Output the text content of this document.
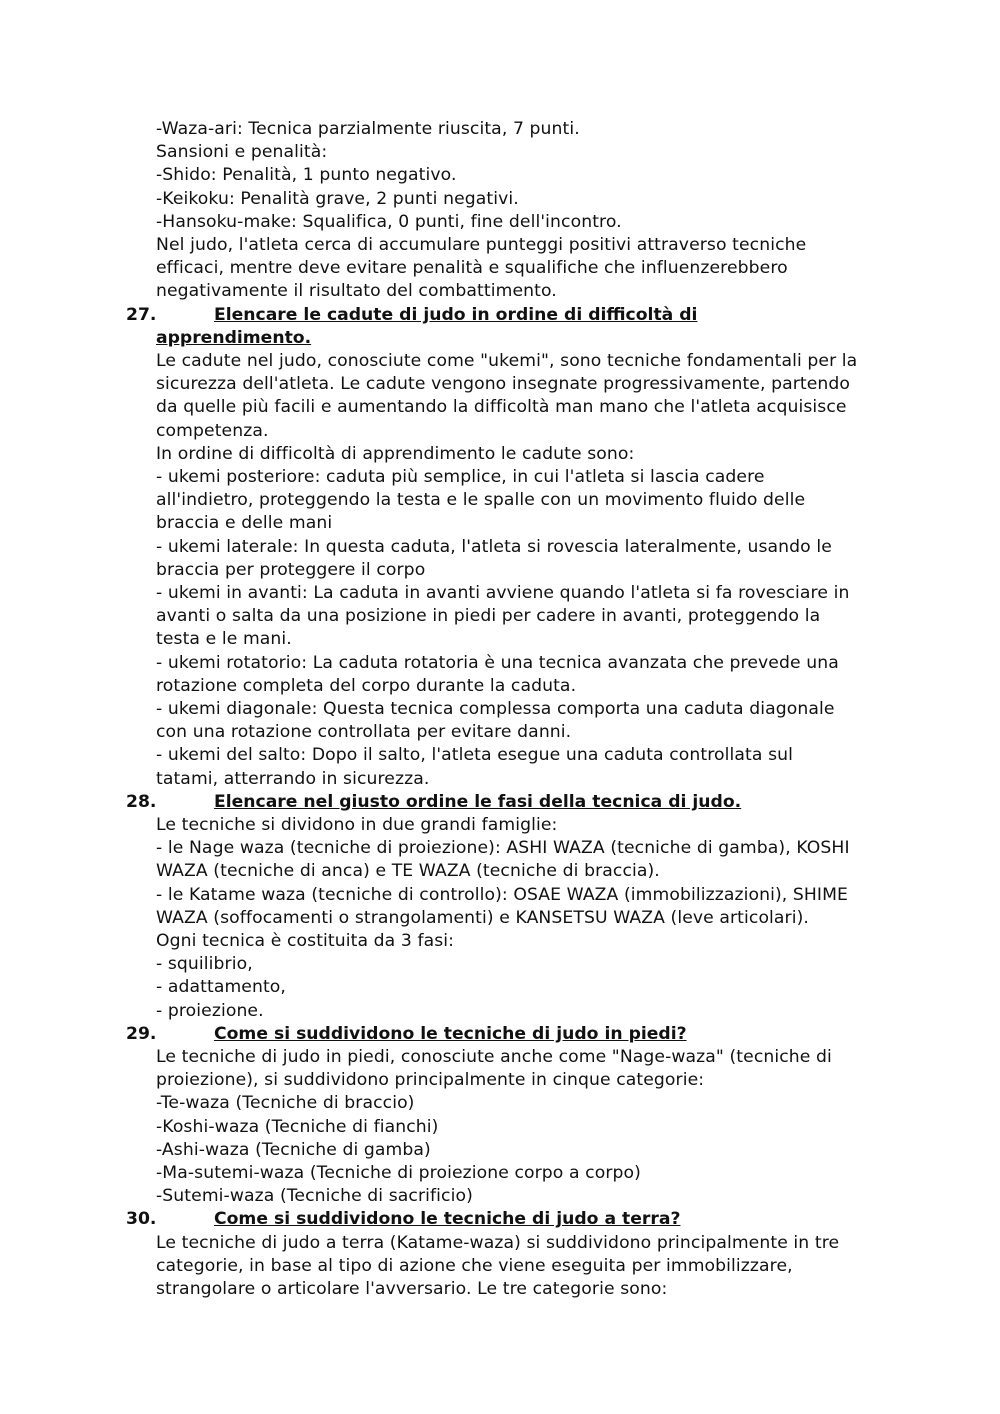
-Waza-ari: Tecnica parzialmente riuscita, 7 punti.
Sansioni e penalità:
-Shido: Penalità, 1 punto negativo.
-Keikoku: Penalità grave, 2 punti negativi.
-Hansoku-make: Squalifica, 0 punti, fine dell'incontro.
Nel judo, l'atleta cerca di accumulare punteggi positivi attraverso tecniche
efficaci, mentre deve evitare penalità e squalifiche che influenzerebbero
negativamente il risultato del combattimento.
27.	Elencare le cadute di judo in ordine di difficoltà di
apprendimento.
Le cadute nel judo, conosciute come "ukemi", sono tecniche fondamentali per la
sicurezza dell'atleta. Le cadute vengono insegnate progressivamente, partendo
da quelle più facili e aumentando la difficoltà man mano che l'atleta acquisisce
competenza.
In ordine di difficoltà di apprendimento le cadute sono:
- ukemi posteriore: caduta più semplice, in cui l'atleta si lascia cadere
all'indietro, proteggendo la testa e le spalle con un movimento fluido delle
braccia e delle mani
- ukemi laterale: In questa caduta, l'atleta si rovescia lateralmente, usando le
braccia per proteggere il corpo
- ukemi in avanti: La caduta in avanti avviene quando l'atleta si fa rovesciare in
avanti o salta da una posizione in piedi per cadere in avanti, proteggendo la
testa e le mani.
- ukemi rotatorio: La caduta rotatoria è una tecnica avanzata che prevede una
rotazione completa del corpo durante la caduta.
- ukemi diagonale: Questa tecnica complessa comporta una caduta diagonale
con una rotazione controllata per evitare danni.
- ukemi del salto: Dopo il salto, l'atleta esegue una caduta controllata sul
tatami, atterrando in sicurezza.
28.	Elencare nel giusto ordine le fasi della tecnica di judo.
Le tecniche si dividono in due grandi famiglie:
- le Nage waza (tecniche di proiezione): ASHI WAZA (tecniche di gamba), KOSHI
WAZA (tecniche di anca) e TE WAZA (tecniche di braccia).
- le Katame waza (tecniche di controllo): OSAE WAZA (immobilizzazioni), SHIME
WAZA (soffocamenti o strangolamenti) e KANSETSU WAZA (leve articolari).
Ogni tecnica è costituita da 3 fasi:
- squilibrio,
- adattamento,
- proiezione.
29.	Come si suddividono le tecniche di judo in piedi?
Le tecniche di judo in piedi, conosciute anche come "Nage-waza" (tecniche di
proiezione), si suddividono principalmente in cinque categorie:
-Te-waza (Tecniche di braccio)
-Koshi-waza (Tecniche di fianchi)
-Ashi-waza (Tecniche di gamba)
-Ma-sutemi-waza (Tecniche di proiezione corpo a corpo)
-Sutemi-waza (Tecniche di sacrificio)
30.	Come si suddividono le tecniche di judo a terra?
Le tecniche di judo a terra (Katame-waza) si suddividono principalmente in tre
categorie, in base al tipo di azione che viene eseguita per immobilizzare,
strangolare o articolare l'avversario. Le tre categorie sono:
